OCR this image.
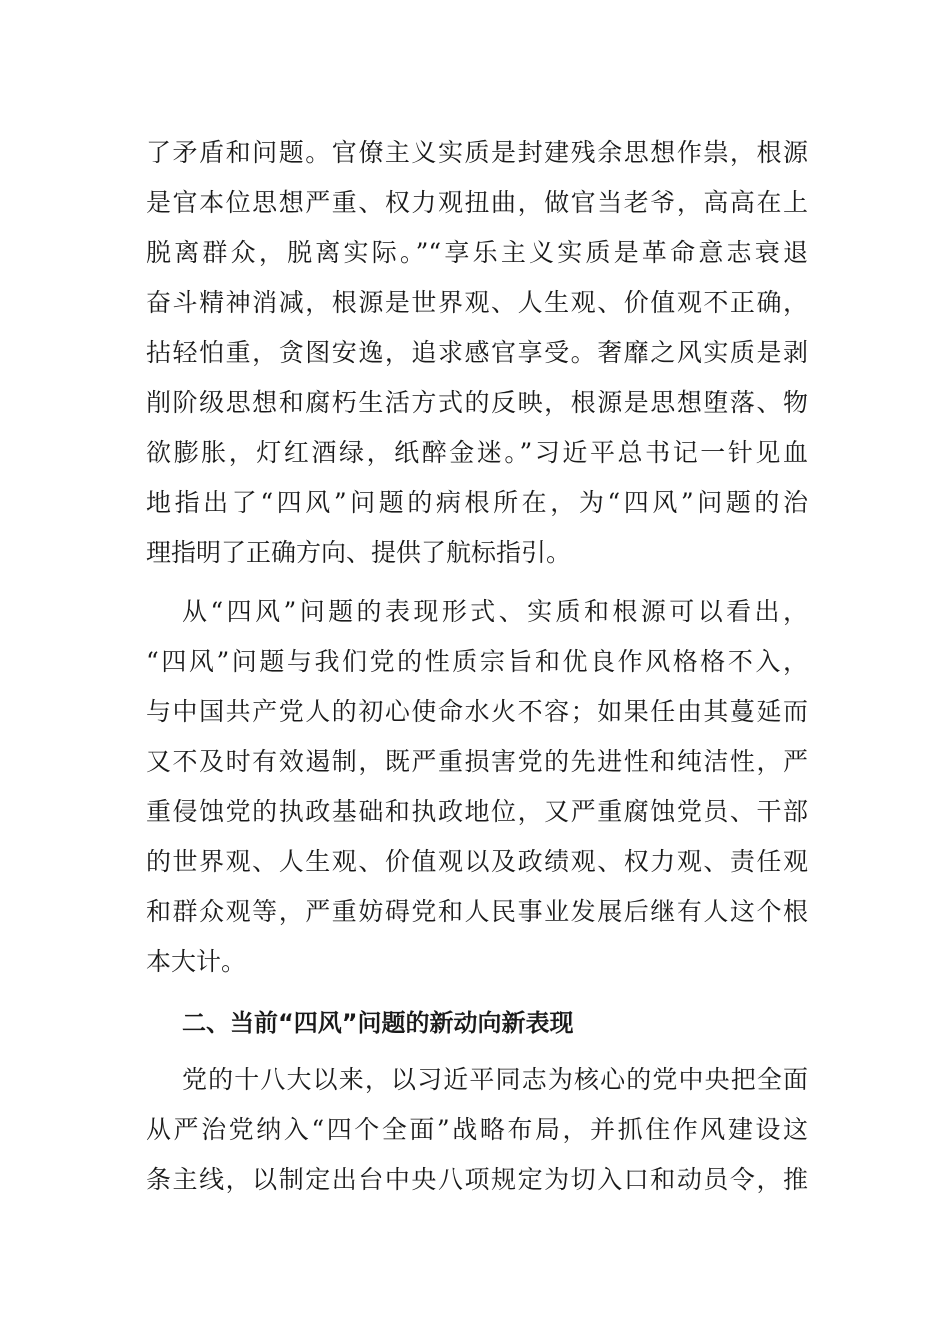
了矛盾和问题。官僚主义实质是封建残余思想作祟，根源
是官本位思想严重、权力观扭曲，做官当老爷，高高在上
脱离群众，脱离实际。”“享乐主义实质是革命意志衰退
奋斗精神消减，根源是世界观、人生观、价值观不正确，
拈轻怕重，贪图安逸，追求感官享受。奢靡之风实质是剥
削阶级思想和腐朽生活方式的反映，根源是思想堕落、物
欲膨胀，灯红酒绿，纸醉金迷。”习近平总书记一针见血
地指出了“四风”问题的病根所在，为“四风”问题的治
理指明了正确方向、提供了航标指引。
从“四风”问题的表现形式、实质和根源可以看出，
“四风”问题与我们党的性质宗旨和优良作风格格不入，
与中国共产党人的初心使命水火不容；如果任由其蔓延而
又不及时有效遏制，既严重损害党的先进性和纯洁性，严
重侵蚀党的执政基础和执政地位，又严重腐蚀党员、干部
的世界观、人生观、价值观以及政绩观、权力观、责任观
和群众观等，严重妨碍党和人民事业发展后继有人这个根
本大计。
二、当前“四风”问题的新动向新表现
党的十八大以来，以习近平同志为核心的党中央把全面
从严治党纳入“四个全面”战略布局，并抓住作风建设这
条主线，以制定出台中央八项规定为切入口和动员令，推
